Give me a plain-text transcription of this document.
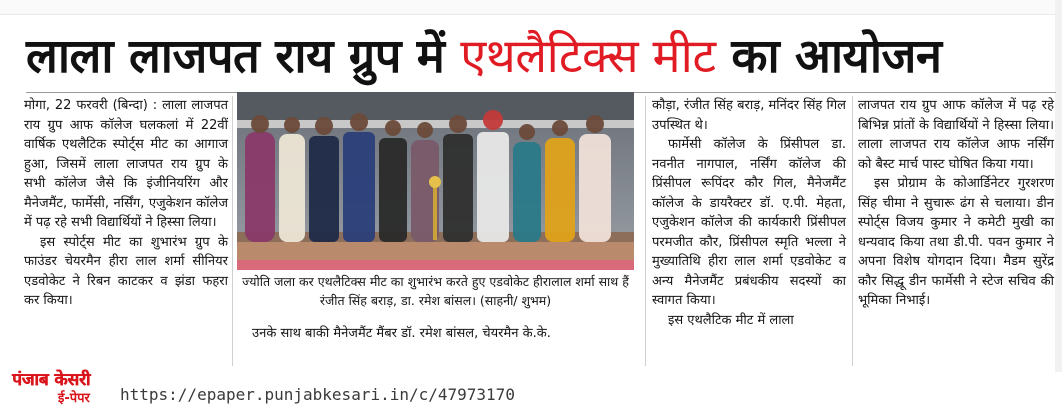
लाला लाजपत राय ग्रुप में एथलैटिक्स मीट का आयोजन

मोगा, 22 फरवरी (बिन्दा) : लाला लाजपत राय ग्रुप आफ कॉलेज घलकलां में 22वीं वार्षिक एथलैटिक स्पोर्ट्स मीट का आगाज हुआ, जिसमें लाला लाजपत राय ग्रुप के सभी कॉलेज जैसे कि इंजीनियरिंग और मैनेजमैंट, फार्मेसी, नर्सिंग, एजुकेशन कॉलेज में पढ़ रहे सभी विद्यार्थियों ने हिस्सा लिया।

इस स्पोर्ट्स मीट का शुभारंभ ग्रुप के फाउंडर चेयरमैन हीरा लाल शर्मा सीनियर एडवोकेट ने रिबन काटकर व झंडा फहरा कर किया।

ज्योति जला कर एथलैटिक्स मीट का शुभारंभ करते हुए एडवोकेट हीरालाल शर्मा साथ हैं रंजीत सिंह बराड़, डा. रमेश बांसल। (साहनी/ शुभम)
उनके साथ बाकी मैनेजमैंट मैंबर डॉ. रमेश बांसल, चेयरमैन के.के.

कौड़ा, रंजीत सिंह बराड़, मनिंदर सिंह गिल उपस्थित थे।

फार्मेसी कॉलेज के प्रिंसीपल डा. नवनीत नागपाल, नर्सिंग कॉलेज की प्रिंसीपल रूपिंदर कौर गिल, मैनेजमैंट कॉलेज के डायरैक्टर डॉ. ए.पी. मेहता, एजुकेशन कॉलेज की कार्यकारी प्रिंसीपल परमजीत कौर, प्रिंसीपल स्मृति भल्ला ने मुख्यातिथि हीरा लाल शर्मा एडवोकेट व अन्य मैनेजमैंट प्रबंधकीय सदस्यों का स्वागत किया।

इस एथलैटिक मीट में लाला

लाजपत राय ग्रुप आफ कॉलेज में पढ़ रहे बिभिन्न प्रांतों के विद्यार्थियों ने हिस्सा लिया। लाला लाजपत राय कॉलेज आफ नर्सिंग को बैस्ट मार्च पास्ट घोषित किया गया।

इस प्रोग्राम के कोआर्डिनेटर गुरशरण सिंह चीमा ने सुचारू ढंग से चलाया। डीन स्पोर्ट्स विजय कुमार ने कमेटी मुखी का धन्यवाद किया तथा डी.पी. पवन कुमार ने अपना विशेष योगदान दिया। मैडम सुरेंद्र कौर सिद्धू डीन फार्मेसी ने स्टेज सचिव की भूमिका निभाई।

पंजाब केसरी
ई-पेपर	https://epaper.punjabkesari.in/c/47973170
